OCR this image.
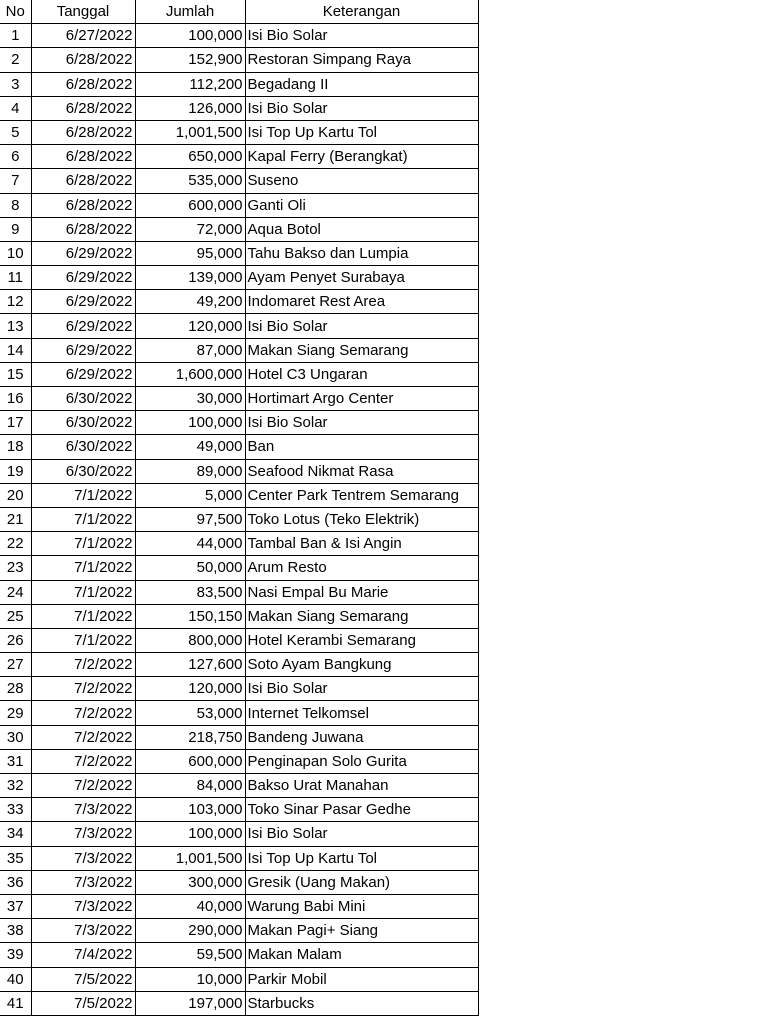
No	Tanggal	Jumlah	Keterangan
1	6/27/2022	100,000	Isi Bio Solar
2	6/28/2022	152,900	Restoran Simpang Raya
3	6/28/2022	112,200	Begadang II
4	6/28/2022	126,000	Isi Bio Solar
5	6/28/2022	1,001,500	Isi Top Up Kartu Tol
6	6/28/2022	650,000	Kapal Ferry (Berangkat)
7	6/28/2022	535,000	Suseno
8	6/28/2022	600,000	Ganti Oli
9	6/28/2022	72,000	Aqua Botol
10	6/29/2022	95,000	Tahu Bakso dan Lumpia
11	6/29/2022	139,000	Ayam Penyet Surabaya
12	6/29/2022	49,200	Indomaret Rest Area
13	6/29/2022	120,000	Isi Bio Solar
14	6/29/2022	87,000	Makan Siang Semarang
15	6/29/2022	1,600,000	Hotel C3 Ungaran
16	6/30/2022	30,000	Hortimart Argo Center
17	6/30/2022	100,000	Isi Bio Solar
18	6/30/2022	49,000	Ban
19	6/30/2022	89,000	Seafood Nikmat Rasa
20	7/1/2022	5,000	Center Park Tentrem Semarang
21	7/1/2022	97,500	Toko Lotus (Teko Elektrik)
22	7/1/2022	44,000	Tambal Ban & Isi Angin
23	7/1/2022	50,000	Arum Resto
24	7/1/2022	83,500	Nasi Empal Bu Marie
25	7/1/2022	150,150	Makan Siang Semarang
26	7/1/2022	800,000	Hotel Kerambi Semarang
27	7/2/2022	127,600	Soto Ayam Bangkung
28	7/2/2022	120,000	Isi Bio Solar
29	7/2/2022	53,000	Internet Telkomsel
30	7/2/2022	218,750	Bandeng Juwana
31	7/2/2022	600,000	Penginapan Solo Gurita
32	7/2/2022	84,000	Bakso Urat Manahan
33	7/3/2022	103,000	Toko Sinar Pasar Gedhe
34	7/3/2022	100,000	Isi Bio Solar
35	7/3/2022	1,001,500	Isi Top Up Kartu Tol
36	7/3/2022	300,000	Gresik (Uang Makan)
37	7/3/2022	40,000	Warung Babi Mini
38	7/3/2022	290,000	Makan Pagi+ Siang
39	7/4/2022	59,500	Makan Malam
40	7/5/2022	10,000	Parkir Mobil
41	7/5/2022	197,000	Starbucks
